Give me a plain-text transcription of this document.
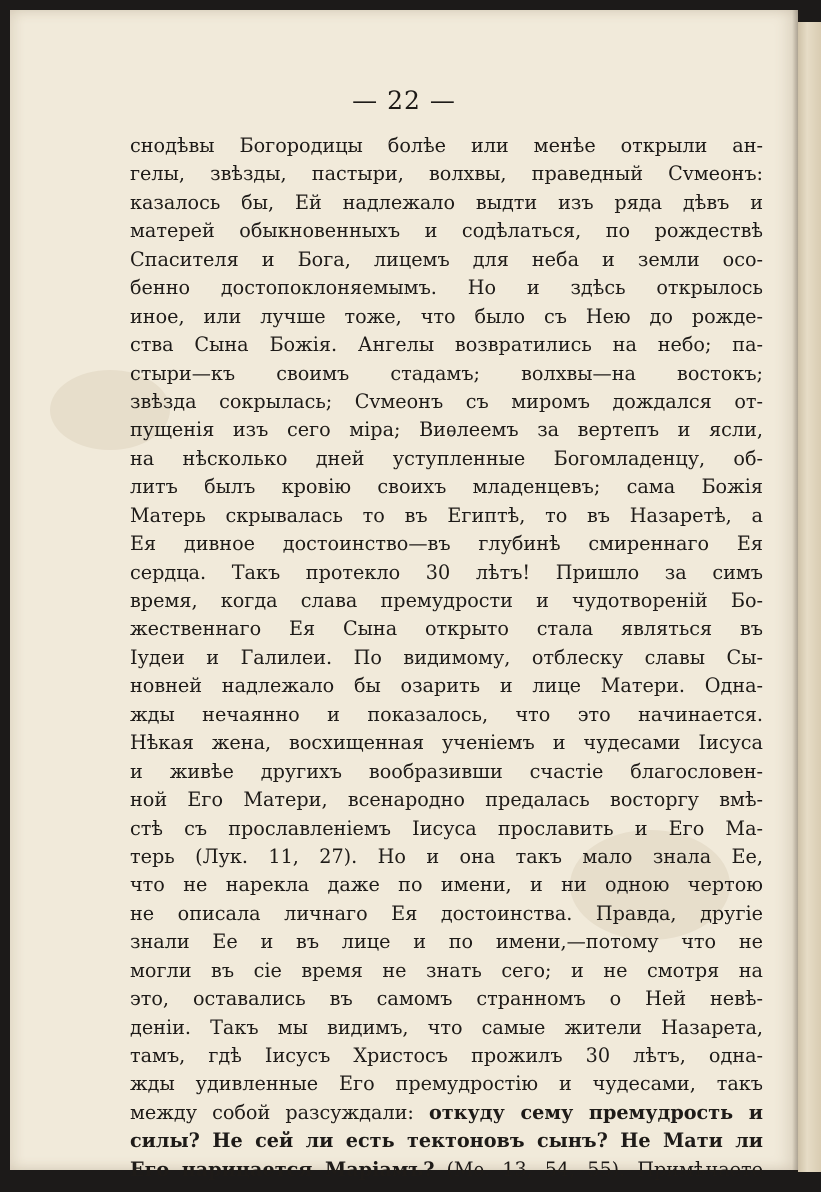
— 22 —
снодѣвы Богородицы болѣе или менѣе открыли ан-
гелы, звѣзды, пастыри, волхвы, праведный Сvмеонъ:
казалось бы, Ей надлежало выдти изъ ряда дѣвъ и
матерей обыкновенныхъ и содѣлаться, по рождествѣ
Спасителя и Бога, лицемъ для неба и земли осо-
бенно достопоклоняемымъ. Но и здѣсь открылось
иное, или лучше тоже, что было съ Нею до рожде-
ства Сына Божія. Ангелы возвратились на небо; па-
стыри—къ своимъ стадамъ; волхвы—на востокъ;
звѣзда сокрылась; Сvмеонъ съ миромъ дождался от-
пущенія изъ сего міра; Виѳлеемъ за вертепъ и ясли,
на нѣсколько дней уступленные Богомладенцу, об-
литъ былъ кровію своихъ младенцевъ; сама Божія
Матерь скрывалась то въ Египтѣ, то въ Назаретѣ, а
Ея дивное достоинство—въ глубинѣ смиреннаго Ея
сердца. Такъ протекло 30 лѣтъ! Пришло за симъ
время, когда слава премудрости и чудотвореній Бо-
жественнаго Ея Сына открыто стала являться въ
Іудеи и Галилеи. По видимому, отблеску славы Сы-
новней надлежало бы озарить и лице Матери. Одна-
жды нечаянно и показалось, что это начинается.
Нѣкая жена, восхищенная ученіемъ и чудесами Іисуса
и живѣе другихъ вообразивши счастіе благословен-
ной Его Матери, всенародно предалась восторгу вмѣ-
стѣ съ прославленіемъ Іисуса прославить и Его Ма-
терь (Лук. 11, 27). Но и она такъ мало знала Ее,
что не нарекла даже по имени, и ни одною чертою
не описала личнаго Ея достоинства. Правда, другіе
знали Ее и въ лице и по имени,—потому что не
могли въ сіе время не знать сего; и не смотря на
это, оставались въ самомъ странномъ о Ней невѣ-
деніи. Такъ мы видимъ, что самые жители Назарета,
тамъ, гдѣ Іисусъ Христосъ прожилъ 30 лѣтъ, однa-
жды удивленные Его премудростію и чудесами, такъ
между собой разсуждали: откуду сему премудрость и
силы? Не сей ли есть тектоновъ сынъ? Не Мати ли
Его нарицается Маріамъ? (Мѳ. 13, 54, 55). Примѣчаете
